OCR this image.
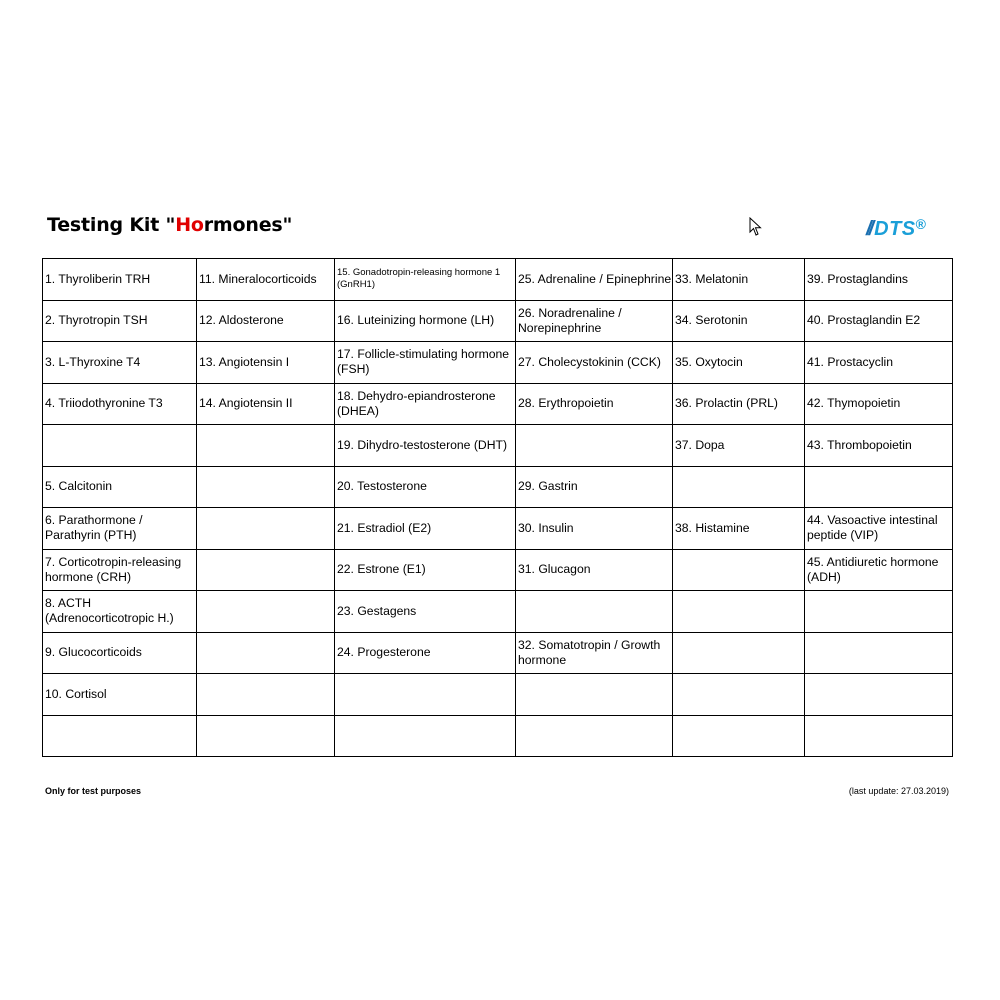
Testing Kit "Hormones"	// DTS®
1. Thyroliberin TRH	11. Mineralocorticoids	15. Gonadotropin-releasing hormone 1 (GnRH1)	25. Adrenaline / Epinephrine	33. Melatonin	39. Prostaglandins
2. Thyrotropin TSH	12. Aldosterone	16. Luteinizing hormone (LH)	26. Noradrenaline / Norepinephrine	34. Serotonin	40. Prostaglandin E2
3. L-Thyroxine T4	13. Angiotensin I	17. Follicle-stimulating hormone (FSH)	27. Cholecystokinin (CCK)	35. Oxytocin	41. Prostacyclin
4. Triiodothyronine T3	14. Angiotensin II	18. Dehydro-epiandrosterone (DHEA)	28. Erythropoietin	36. Prolactin (PRL)	42. Thymopoietin
		19. Dihydro-testosterone (DHT)		37. Dopa	43. Thrombopoietin
5. Calcitonin		20. Testosterone	29. Gastrin		
6. Parathormone / Parathyrin (PTH)		21. Estradiol (E2)	30. Insulin	38. Histamine	44. Vasoactive intestinal peptide (VIP)
7. Corticotropin-releasing hormone (CRH)		22. Estrone (E1)	31. Glucagon		45. Antidiuretic hormone (ADH)
8. ACTH (Adrenocorticotropic H.)		23. Gestagens			
9. Glucocorticoids		24. Progesterone	32. Somatotropin / Growth hormone		
10. Cortisol					

Only for test purposes	(last update: 27.03.2019)
